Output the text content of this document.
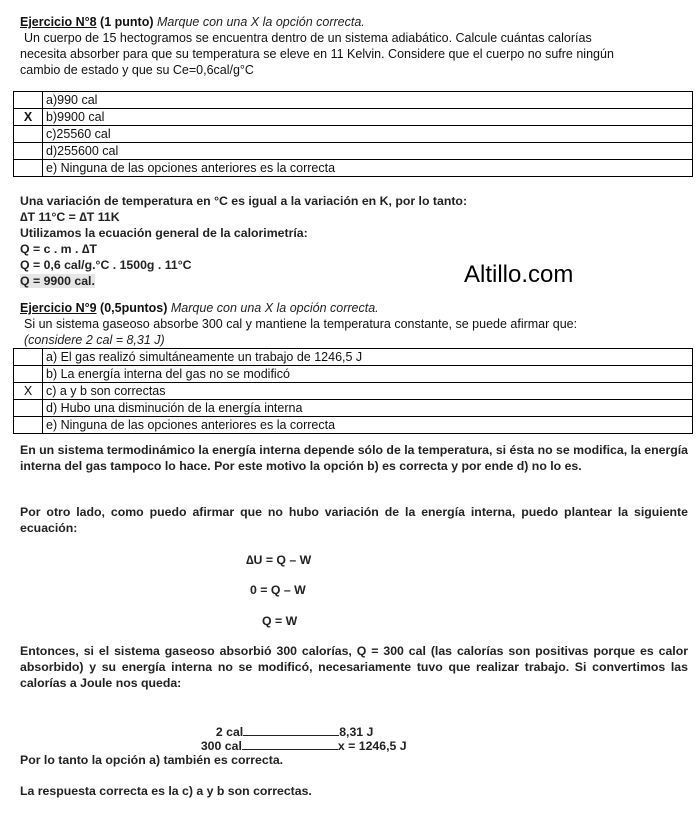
Ejercicio N°8 (1 punto) Marque con una X la opción correcta.
Un cuerpo de 15 hectogramos se encuentra dentro de un sistema adiabático. Calcule cuántas calorías
necesita absorber para que su temperatura se eleve en 11 Kelvin. Considere que el cuerpo no sufre ningún
cambio de estado y que su Ce=0,6cal/g°C
	a)990 cal
X	b)9900 cal
	c)25560 cal
	d)255600 cal
	e) Ninguna de las opciones anteriores es la correcta

Una variación de temperatura en °C es igual a la variación en K, por lo tanto:

∆T 11°C = ∆T 11K

Utilizamos la ecuación general de la calorimetría:

Q = c . m . ∆T

Q = 0,6 cal/g.°C . 1500g . 11°C

Q = 9900 cal.	Altillo.com
Ejercicio N°9 (0,5puntos) Marque con una X la opción correcta.
Si un sistema gaseoso absorbe 300 cal y mantiene la temperatura constante, se puede afirmar que:
(considere 2 cal = 8,31 J)
	a) El gas realizó simultáneamente un trabajo de 1246,5 J
	b) La energía interna del gas no se modificó
X	c) a y b son correctas
	d) Hubo una disminución de la energía interna
	e) Ninguna de las opciones anteriores es la correcta

En un sistema termodinámico la energía interna depende sólo de la temperatura, si ésta no se modifica, la energía interna del gas tampoco lo hace. Por este motivo la opción b) es correcta y por ende d) no lo es.

Por otro lado, como puedo afirmar que no hubo variación de la energía interna, puedo plantear la siguiente ecuación:

∆U = Q – W
0 = Q – W
Q = W

Entonces, si el sistema gaseoso absorbió 300 calorías, Q = 300 cal (las calorías son positivas porque es calor absorbido) y su energía interna no se modificó, necesariamente tuvo que realizar trabajo. Si convertimos las calorías a Joule nos queda:

2 cal	8,31 J

300 cal	x = 1246,5 J

Por lo tanto la opción a) también es correcta.

La respuesta correcta es la c) a y b son correctas.
